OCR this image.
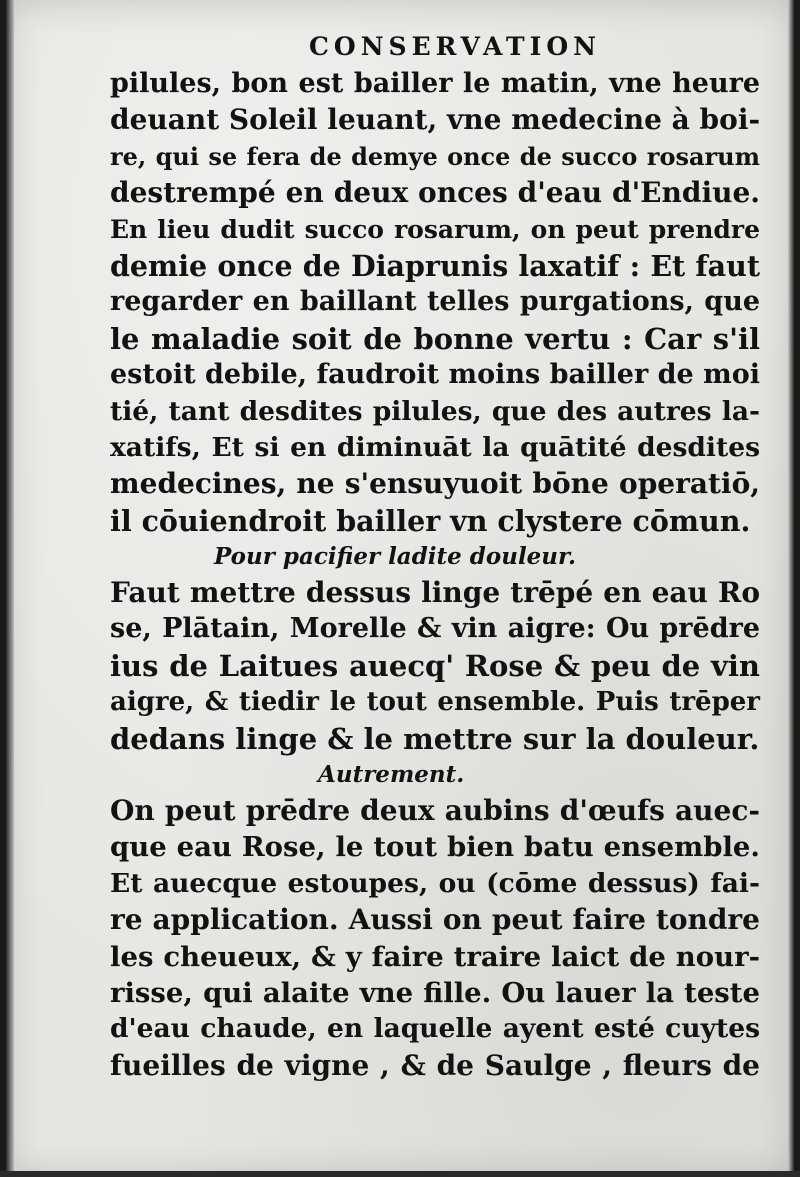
CONSERVATION
pilules, bon est bailler le matin, vne heure
deuant Soleil leuant, vne medecine à boi-
re, qui se fera de demye once de succo rosarum
destrempé en deux onces d'eau d'Endiue.
En lieu dudit succo rosarum, on peut prendre
demie once de Diaprunis laxatif : Et faut
regarder en baillant telles purgations, que
le maladie soit de bonne vertu : Car s'il
estoit debile, faudroit moins bailler de moi
tié, tant desdites pilules, que des autres la-
xatifs, Et si en diminuāt la quātité desdites
medecines, ne s'ensuyuoit bōne operatiō,
il cōuiendroit bailler vn clystere cōmun.
Pour pacifier ladite douleur.
Faut mettre dessus linge trēpé en eau Ro
se, Plātain, Morelle & vin aigre: Ou prēdre
ius de Laitues auecq' Rose & peu de vin
aigre, & tiedir le tout ensemble. Puis trēper
dedans linge & le mettre sur la douleur.
Autrement.
On peut prēdre deux aubins d'œufs auec-
que eau Rose, le tout bien batu ensemble.
Et auecque estoupes, ou (cōme dessus) fai-
re application. Aussi on peut faire tondre
les cheueux, & y faire traire laict de nour-
risse, qui alaite vne fille. Ou lauer la teste
d'eau chaude, en laquelle ayent esté cuytes
fueilles de vigne , & de Saulge , fleurs de
